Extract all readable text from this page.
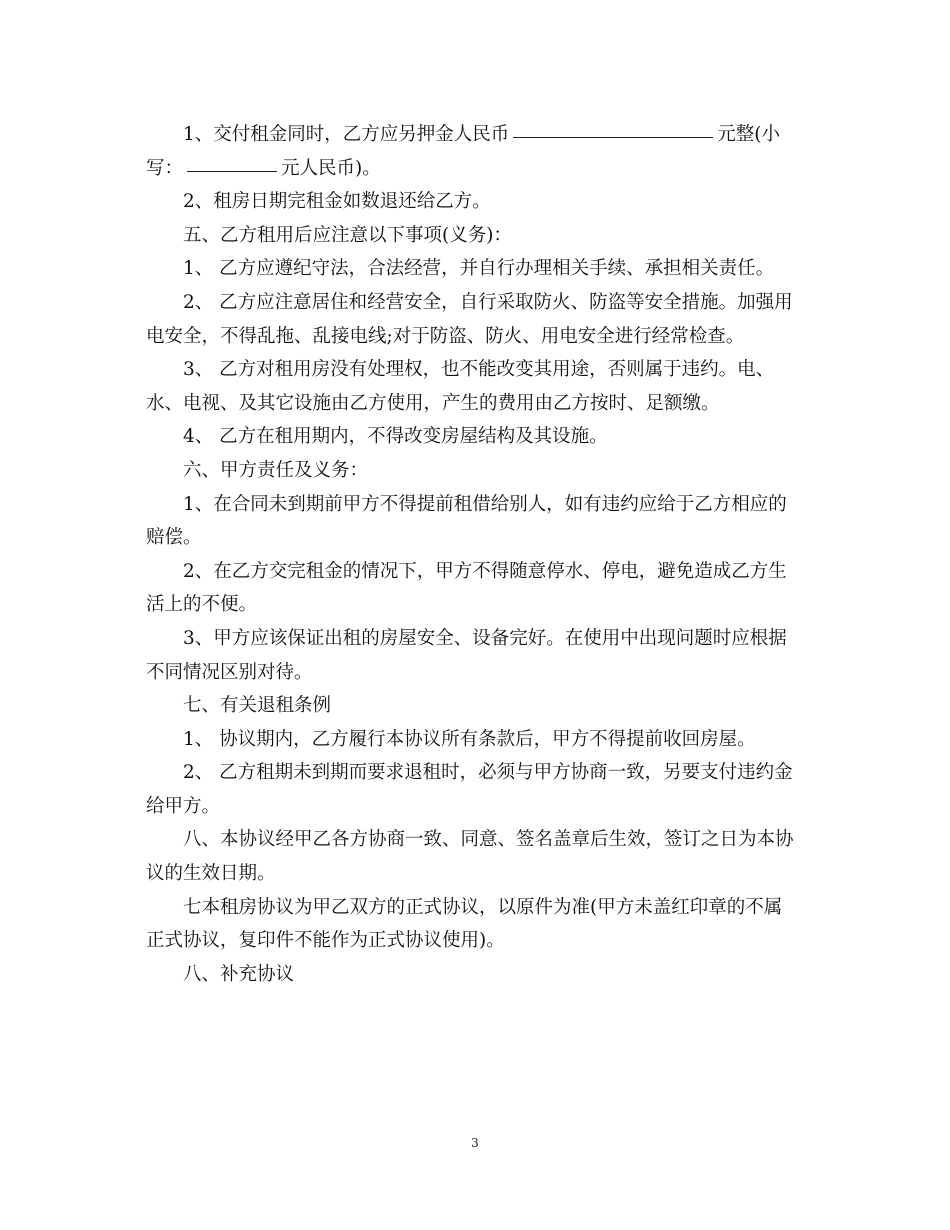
1、交付租金同时，乙方应另押金人民币	元整(小
写：	元人民币)。

2、租房日期完租金如数退还给乙方。

五、乙方租用后应注意以下事项(义务)：

1、 乙方应遵纪守法，合法经营，并自行办理相关手续、承担相关责任。

2、 乙方应注意居住和经营安全，自行采取防火、防盗等安全措施。加强用
电安全，不得乱拖、乱接电线;对于防盗、防火、用电安全进行经常检查。

3、 乙方对租用房没有处理权，也不能改变其用途，否则属于违约。电、
水、电视、及其它设施由乙方使用，产生的费用由乙方按时、足额缴。

4、 乙方在租用期内，不得改变房屋结构及其设施。

六、甲方责任及义务：

1、在合同未到期前甲方不得提前租借给别人，如有违约应给于乙方相应的
赔偿。

2、在乙方交完租金的情况下，甲方不得随意停水、停电，避免造成乙方生
活上的不便。

3、甲方应该保证出租的房屋安全、设备完好。在使用中出现问题时应根据
不同情况区别对待。

七、有关退租条例

1、 协议期内，乙方履行本协议所有条款后，甲方不得提前收回房屋。

2、 乙方租期未到期而要求退租时，必须与甲方协商一致，另要支付违约金
给甲方。

八、本协议经甲乙各方协商一致、同意、签名盖章后生效，签订之日为本协
议的生效日期。

七本租房协议为甲乙双方的正式协议，以原件为准(甲方未盖红印章的不属
正式协议，复印件不能作为正式协议使用)。

八、补充协议

3
